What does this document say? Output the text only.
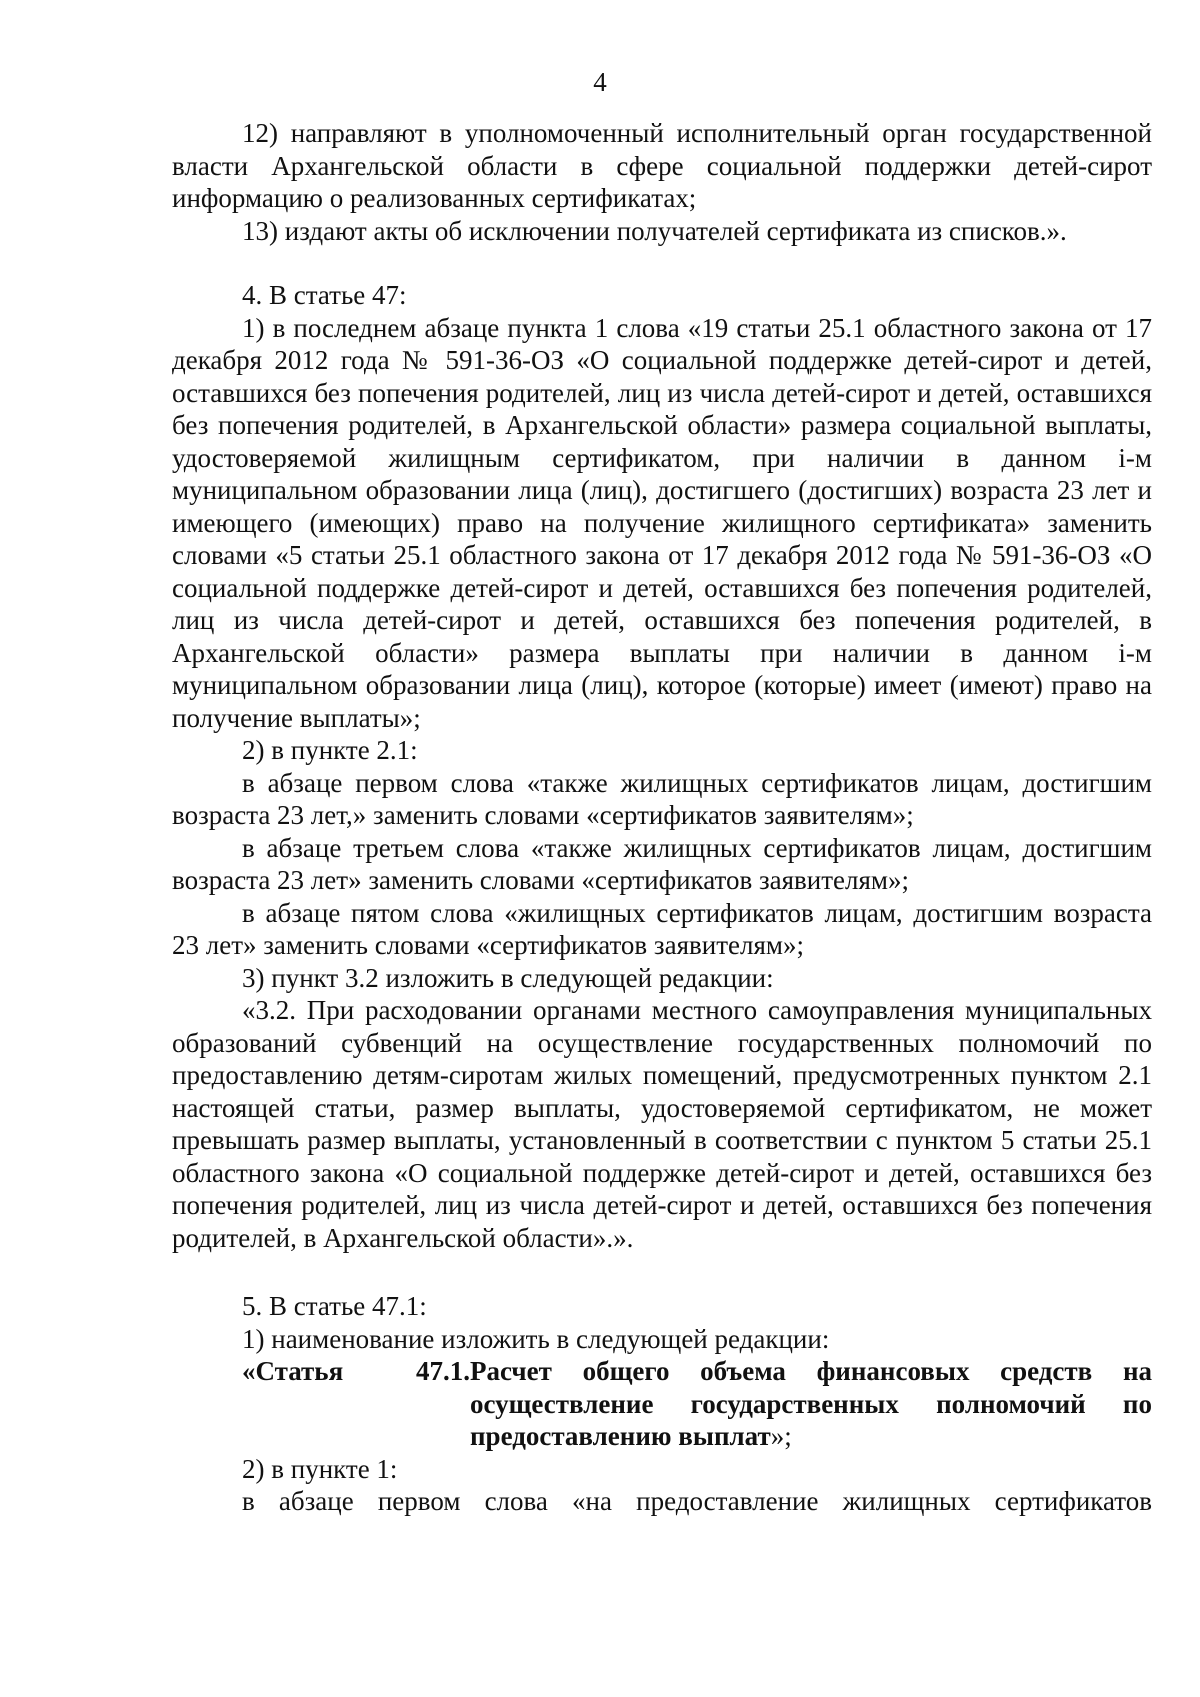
4

12) направляют в уполномоченный исполнительный орган государственной власти Архангельской области в сфере социальной поддержки детей-сирот информацию о реализованных сертификатах;

13) издают акты об исключении получателей сертификата из списков.».

4. В статье 47:

1) в последнем абзаце пункта 1 слова «19 статьи 25.1 областного закона от 17 декабря 2012 года № 591-36-ОЗ «О социальной поддержке детей-сирот и детей, оставшихся без попечения родителей, лиц из числа детей-сирот и детей, оставшихся без попечения родителей, в Архангельской области» размера социальной выплаты, удостоверяемой жилищным сертификатом, при наличии в данном i-м муниципальном образовании лица (лиц), достигшего (достигших) возраста 23 лет и имеющего (имеющих) право на получение жилищного сертификата» заменить словами «5 статьи 25.1 областного закона от 17 декабря 2012 года № 591-36-ОЗ «О социальной поддержке детей-сирот и детей, оставшихся без попечения родителей, лиц из числа детей-сирот и детей, оставшихся без попечения родителей, в Архангельской области» размера выплаты при наличии в данном i-м муниципальном образовании лица (лиц), которое (которые) имеет (имеют) право на получение выплаты»;

2) в пункте 2.1:

в абзаце первом слова «также жилищных сертификатов лицам, достигшим возраста 23 лет,» заменить словами «сертификатов заявителям»;

в абзаце третьем слова «также жилищных сертификатов лицам, достигшим возраста 23 лет» заменить словами «сертификатов заявителям»;

в абзаце пятом слова «жилищных сертификатов лицам, достигшим возраста 23 лет» заменить словами «сертификатов заявителям»;

3) пункт 3.2 изложить в следующей редакции:

«3.2. При расходовании органами местного самоуправления муниципальных образований субвенций на осуществление государственных полномочий по предоставлению детям-сиротам жилых помещений, предусмотренных пунктом 2.1 настоящей статьи, размер выплаты, удостоверяемой сертификатом, не может превышать размер выплаты, установленный в соответствии с пунктом 5 статьи 25.1 областного закона «О социальной поддержке детей-сирот и детей, оставшихся без попечения родителей, лиц из числа детей-сирот и детей, оставшихся без попечения родителей, в Архангельской области».».

5. В статье 47.1:

1) наименование изложить в следующей редакции:

«Статья 47.1. Расчет общего объема финансовых средств на осуществление государственных полномочий по предоставлению выплат»;

2) в пункте 1:

в абзаце первом слова «на предоставление жилищных сертификатов
